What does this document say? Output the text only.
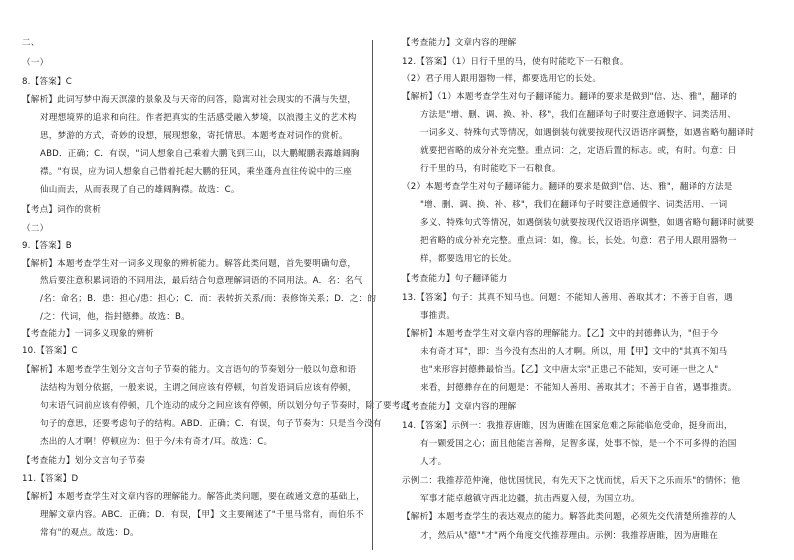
二、
（一）
8.【答案】C
【解析】此词写梦中海天溟濛的景象及与天帝的问答，隐寓对社会现实的不满与失望，
对理想境界的追求和向往。作者把真实的生活感受融入梦境，以浪漫主义的艺术构
思，梦游的方式，奇妙的设想，展现想象，寄托情思。本题考查对词作的赏析。
ABD．正确；C．有误，"词人想象自己乘着大鹏飞到三山，以大鹏鲲鹏表露雄阔胸
襟。"有误，应为词人想象自己借着托起大鹏的狂风，乘坐蓬舟直往传说中的三座
仙山而去，从而表现了自己的雄阔胸襟。故选：C。
【考点】词作的赏析
（二）
9.【答案】B
【解析】本题考查学生对一词多义现象的辨析能力。解答此类问题，首先要明确句意，
然后要注意积累词语的不同用法，最后结合句意理解词语的不同用法。A．名：名气
/名：命名；B．患：担心/患：担心；C．而：表转折关系/而：表修饰关系；D．之：的
/之：代词，他，指封德彝。故选：B。
【考查能力】一词多义现象的辨析
10.【答案】C
【解析】本题考查学生划分文言句子节奏的能力。文言语句的节奏划分一般以句意和语
法结构为划分依据，一般来说，主谓之间应该有停顿，句首发语词后应该有停顿，
句末语气词前应该有停顿，几个连动的成分之间应该有停顿，所以划分句子节奏时，除了要考虑
句子的意思，还要考虑句子的结构。ABD．正确；C．有误，句子节奏为：只是当今没有
杰出的人才啊！停顿应为：但于今/未有奇才/耳。故选：C。
【考查能力】划分文言句子节奏
11.【答案】D
【解析】本题考查学生对文章内容的理解能力。解答此类问题，要在疏通文意的基础上，
理解文章内容。ABC．正确；D．有误，【甲】文主要阐述了"千里马常有，而伯乐不
常有"的观点。故选：D。
【考查能力】文章内容的理解
12.【答案】（1）日行千里的马，使有时能吃下一石粮食。
（2）君子用人跟用器物一样，都要选用它的长处。
【解析】（1）本题考查学生对句子翻译能力。翻译的要求是做到"信、达、雅"，翻译的
方法是"增、删、调、换、补、移"，我们在翻译句子时要注意通假字、词类活用、
一词多义、特殊句式等情况，如遇倒装句就要按现代汉语语序调整，如遇省略句翻译时
就要把省略的成分补充完整。重点词：之，定语后置的标志。或，有时。句意：日
行千里的马，有时能吃下一石粮食。
（2）本题考查学生对句子翻译能力。翻译的要求是做到"信、达、雅"，翻译的方法是
"增、删、调、换、补、移"，我们在翻译句子时要注意通假字、词类活用、一词
多义、特殊句式等情况，如遇倒装句就要按现代汉语语序调整，如遇省略句翻译时就要
把省略的成分补充完整。重点词：如，像。长，长处。句意：君子用人跟用器物一
样，都要选用它的长处。
【考查能力】句子翻译能力
13.【答案】句子：其真不知马也。问题：不能知人善用、善取其才；不善于自省，遇
事推责。
【解析】本题考查学生对文章内容的理解能力。【乙】文中的封德彝认为，"但于今
未有奇才耳"，即：当今没有杰出的人才啊。所以，用【甲】文中的"其真不知马
也"来形容封德彝最恰当。【乙】文中唐太宗"正患己不能知，安可诬一世之人"
来看，封德彝存在的问题是：不能知人善用、善取其才；不善于自省，遇事推责。
【考查能力】文章内容的理解
14.【答案】示例一：我推荐唐睢，因为唐睢在国家危难之际能临危受命，挺身而出，
有一颗爱国之心；面且他能言善辩，足智多谋，处事不惊，是一个不可多得的治国
人才。
示例二：我推荐范仲淹，他忧国忧民，有先天下之忧而忧，后天下之乐而乐"的情怀；他
军事才能卓越镇守西北边疆，抗击西夏入侵，为国立功。
【解析】本题考查学生的表达观点的能力。解答此类问题，必须先交代清楚所推荐的人
才，然后从"德""才"两个角度交代推荐理由。示例：我推荐唐睢，因为唐睢在
